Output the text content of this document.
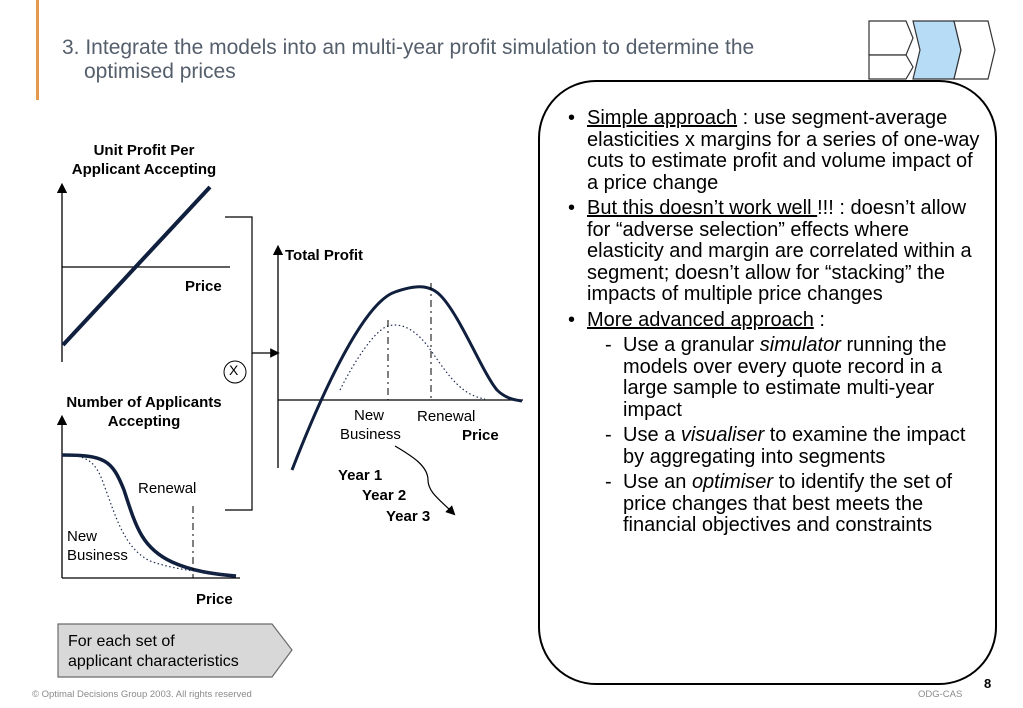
3. Integrate the models into an multi-year profit simulation to determine the
optimised prices
Unit Profit Per
Applicant Accepting
Price
X
Number of Applicants
Accepting
Renewal
New
Business
Price
Total Profit
New
Business
Renewal
Price
Year 1
Year 2
Year 3
For each set of
applicant characteristics
• Simple approach : use segment-average elasticities x margins for a series of one-way cuts to estimate profit and volume impact of a price change
• But this doesn’t work well !!! : doesn’t allow for “adverse selection” effects where elasticity and margin are correlated within a segment; doesn’t allow for “stacking” the impacts of multiple price changes
• More advanced approach :
- Use a granular simulator running the models over every quote record in a large sample to estimate multi-year impact
- Use a visualiser to examine the impact by aggregating into segments
- Use an optimiser to identify the set of price changes that best meets the financial objectives and constraints
© Optimal Decisions Group 2003. All rights reserved	ODG-CAS
8
